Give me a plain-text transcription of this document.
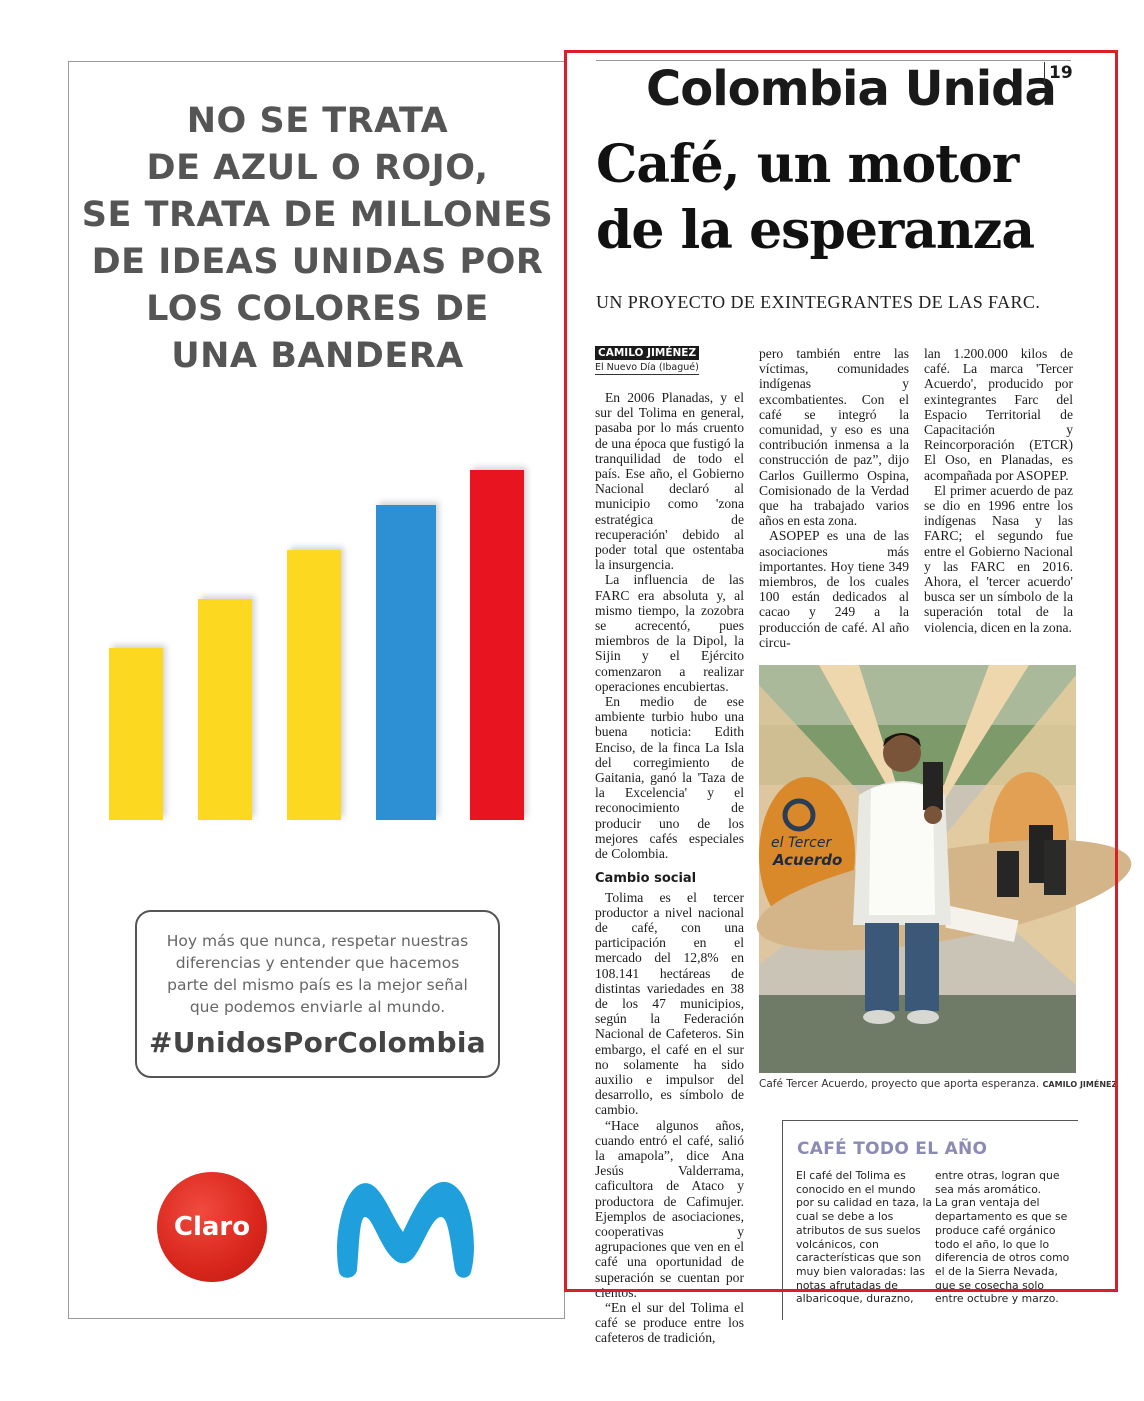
NO SE TRATA
DE AZUL O ROJO,
SE TRATA DE MILLONES
DE IDEAS UNIDAS POR
LOS COLORES DE
UNA BANDERA
Hoy más que nunca, respetar nuestras
diferencias y entender que hacemos
parte del mismo país es la mejor señal
que podemos enviarle al mundo.
#UnidosPorColombia
Claro
Colombia Unida
19
Café, un motor
de la esperanza
UN PROYECTO DE EXINTEGRANTES DE LAS FARC.
CAMILO JIMÉNEZ
El Nuevo Día (Ibagué)

En 2006 Planadas, y el sur del Tolima en general, pasaba por lo más cruento de una época que fustigó la tranquilidad de todo el país. Ese año, el Gobierno Nacional declaró al municipio como 'zona estratégica de recuperación' debido al poder total que ostentaba la insurgencia.

La influencia de las FARC era absoluta y, al mismo tiempo, la zozobra se acrecentó, pues miembros de la Dipol, la Sijin y el Ejército comenzaron a realizar operaciones encubiertas.

En medio de ese ambiente turbio hubo una buena noticia: Edith Enciso, de la finca La Isla del corregimiento de Gaitania, ganó la 'Taza de la Excelencia' y el reconocimiento de producir uno de los mejores cafés especiales de Colombia.

Cambio social

Tolima es el tercer productor a nivel nacional de café, con una participación en el mercado del 12,8% en 108.141 hectáreas de distintas variedades en 38 de los 47 municipios, según la Federación Nacional de Cafeteros. Sin embargo, el café en el sur no solamente ha sido auxilio e impulsor del desarrollo, es símbolo de cambio.

“Hace algunos años, cuando entró el café, salió la amapola”, dice Ana Jesús Valderrama, caficultora de Ataco y productora de Cafimujer. Ejemplos de asociaciones, cooperativas y agrupaciones que ven en el café una oportunidad de superación se cuentan por cientos.

“En el sur del Tolima el café se produce entre los cafeteros de tradición,

pero también entre las víctimas, comunidades indígenas y excombatientes. Con el café se integró la comunidad, y eso es una contribución inmensa a la construcción de paz”, dijo Carlos Guillermo Ospina, Comisionado de la Verdad que ha trabajado varios años en esta zona.

ASOPEP es una de las asociaciones más importantes. Hoy tiene 349 miembros, de los cuales 100 están dedicados al cacao y 249 a la producción de café. Al año circu-

lan 1.200.000 kilos de café. La marca 'Tercer Acuerdo', producido por exintegrantes Farc del Espacio Territorial de Capacitación y Reincorporación (ETCR) El Oso, en Planadas, es acompañada por ASOPEP.

El primer acuerdo de paz se dio en 1996 entre los indígenas Nasa y las FARC; el segundo fue entre el Gobierno Nacional y las FARC en 2016. Ahora, el 'tercer acuerdo' busca ser un símbolo de la superación total de la violencia, dicen en la zona.

el Tercer
Acuerdo
Café Tercer Acuerdo, proyecto que aporta esperanza. CAMILO JIMÉNEZ
CAFÉ TODO EL AÑO
El café del Tolima es
conocido en el mundo
por su calidad en taza, la
cual se debe a los
atributos de sus suelos
volcánicos, con
características que son
muy bien valoradas: las
notas afrutadas de
albaricoque, durazno,
entre otras, logran que
sea más aromático.
La gran ventaja del
departamento es que se
produce café orgánico
todo el año, lo que lo
diferencia de otros como
el de la Sierra Nevada,
que se cosecha solo
entre octubre y marzo.
